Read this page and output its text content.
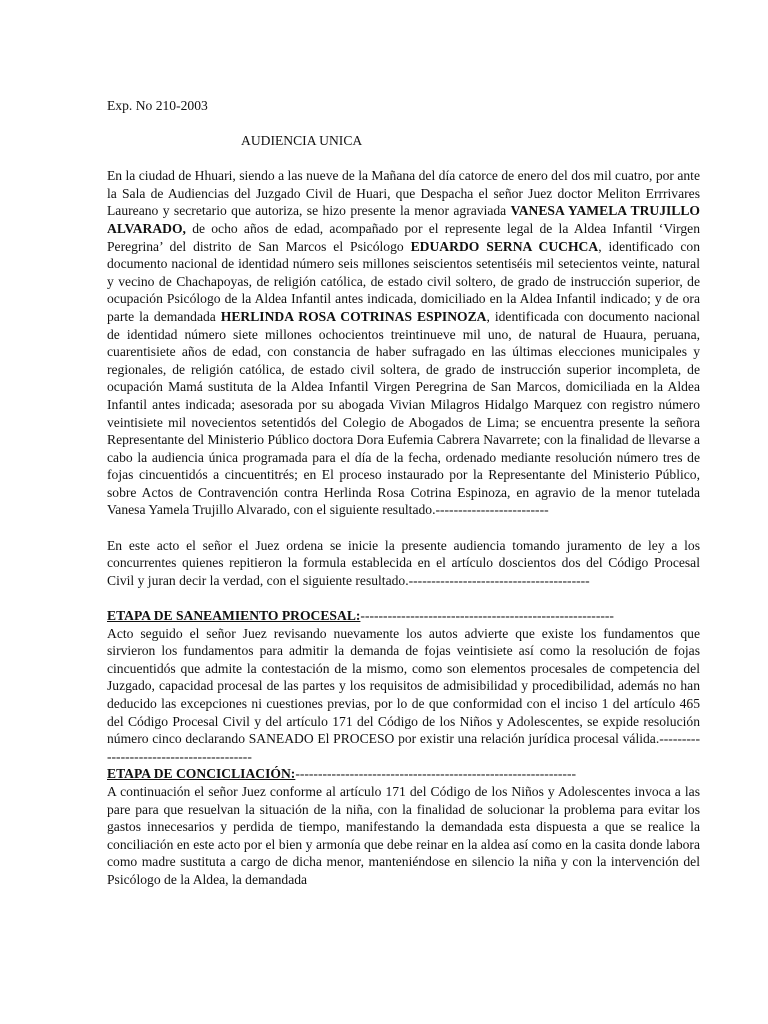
Exp. No 210-2003

AUDIENCIA UNICA

En la ciudad de Hhuari, siendo a las nueve de la Mañana del día catorce de enero del dos mil cuatro, por ante la Sala de Audiencias del Juzgado Civil de Huari, que Despacha el señor Juez doctor Meliton Errrivares Laureano y secretario que autoriza, se hizo presente la menor agraviada VANESA YAMELA TRUJILLO ALVARADO, de ocho años de edad, acompañado por el represente legal de la Aldea Infantil ‘Virgen Peregrina’ del distrito de San Marcos el Psicólogo EDUARDO SERNA CUCHCA, identificado con documento nacional de identidad número seis millones seiscientos setentiséis mil setecientos veinte, natural y vecino de Chachapoyas, de religión católica, de estado civil soltero, de grado de instrucción superior, de ocupación Psicólogo de la Aldea Infantil antes indicada, domiciliado en la Aldea Infantil indicado; y de ora parte la demandada HERLINDA ROSA COTRINAS ESPINOZA, identificada con documento nacional de identidad número siete millones ochocientos treintinueve mil uno, de natural de Huaura, peruana, cuarentisiete años de edad, con constancia de haber sufragado en las últimas elecciones municipales y regionales, de religión católica, de estado civil soltera, de grado de instrucción superior incompleta, de ocupación Mamá sustituta de la Aldea Infantil Virgen Peregrina de San Marcos, domiciliada en la Aldea Infantil antes indicada; asesorada por su abogada Vivian Milagros Hidalgo Marquez con registro número veintisiete mil novecientos setentidós del Colegio de Abogados de Lima; se encuentra presente la señora Representante del Ministerio Público doctora Dora Eufemia Cabrera Navarrete; con la finalidad de llevarse a cabo la audiencia única programada para el día de la fecha, ordenado mediante resolución número tres de fojas cincuentidós a cincuentitrés; en El proceso instaurado por la Representante del Ministerio Público, sobre Actos de Contravención contra Herlinda Rosa Cotrina Espinoza, en agravio de la menor tutelada Vanesa Yamela Trujillo Alvarado, con el siguiente resultado.-------------------------

En este acto el señor el Juez ordena se inicie la presente audiencia tomando juramento de ley a los concurrentes quienes repitieron la formula establecida en el artículo doscientos dos del Código Procesal Civil y juran decir la verdad, con el siguiente resultado.----------------------------------------

ETAPA DE SANEAMIENTO PROCESAL:--------------------------------------------------------

Acto seguido el señor Juez revisando nuevamente los autos advierte que existe los fundamentos que sirvieron los fundamentos para admitir la demanda de fojas veintisiete así como la resolución de fojas cincuentidós que admite la contestación de la mismo, como son elementos procesales de competencia del Juzgado, capacidad procesal de las partes y los requisitos de admisibilidad y procedibilidad, además no han deducido las excepciones ni cuestiones previas, por lo de que conformidad con el inciso 1 del artículo 465 del Código Procesal Civil y del artículo 171 del Código de los Niños y Adolescentes, se expide resolución número cinco declarando SANEADO El PROCESO por existir una relación jurídica procesal válida.-----------------------------------------

ETAPA DE CONCICLIACIÓN:--------------------------------------------------------------

A continuación el señor Juez conforme al artículo 171 del Código de los Niños y Adolescentes invoca a las pare para que resuelvan la situación de la niña, con la finalidad de solucionar la problema para evitar los gastos innecesarios y perdida de tiempo, manifestando la demandada esta dispuesta a que se realice la conciliación en este acto por el bien y armonía que debe reinar en la aldea así como en la casita donde labora como madre sustituta a cargo de dicha menor, manteniéndose en silencio la niña y con la intervención del Psicólogo de la Aldea, la demandada
